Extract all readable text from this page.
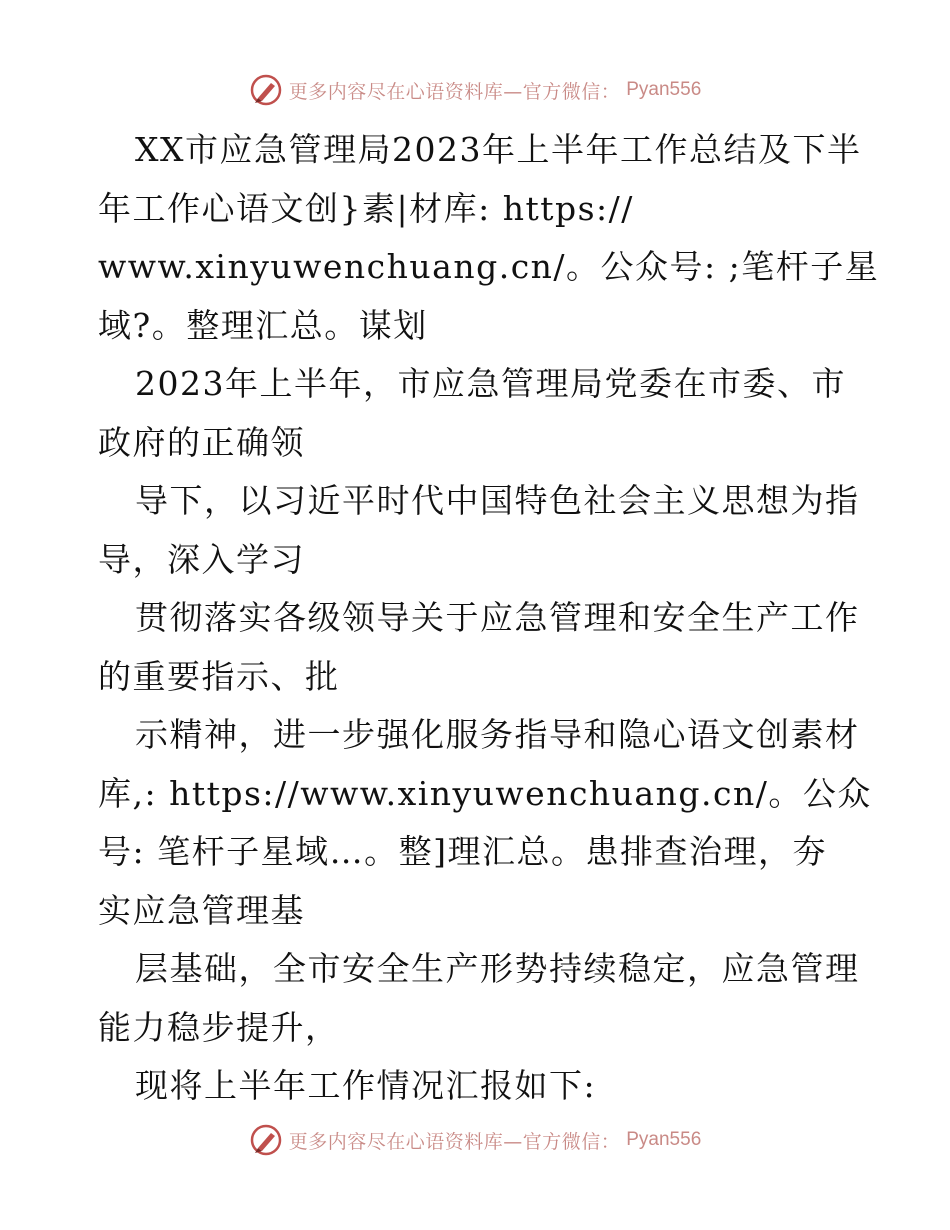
更多内容尽在心语资料库—官方微信： Pyan556
XX市应急管理局2023年上半年工作总结及下半
年工作心语文创}素|材库: https://
www.xinyuwenchuang.cn/。公众号: ;笔杆子星
域?。整理汇总。谋划
2023年上半年，市应急管理局党委在市委、市
政府的正确领
导下，以习近平时代中国特色社会主义思想为指
导，深入学习
贯彻落实各级领导关于应急管理和安全生产工作
的重要指示、批
示精神，进一步强化服务指导和隐心语文创素材
库,: https://www.xinyuwenchuang.cn/。公众
号: 笔杆子星域…。整]理汇总。患排查治理，夯
实应急管理基
层基础，全市安全生产形势持续稳定，应急管理
能力稳步提升，
现将上半年工作情况汇报如下:
更多内容尽在心语资料库—官方微信： Pyan556
